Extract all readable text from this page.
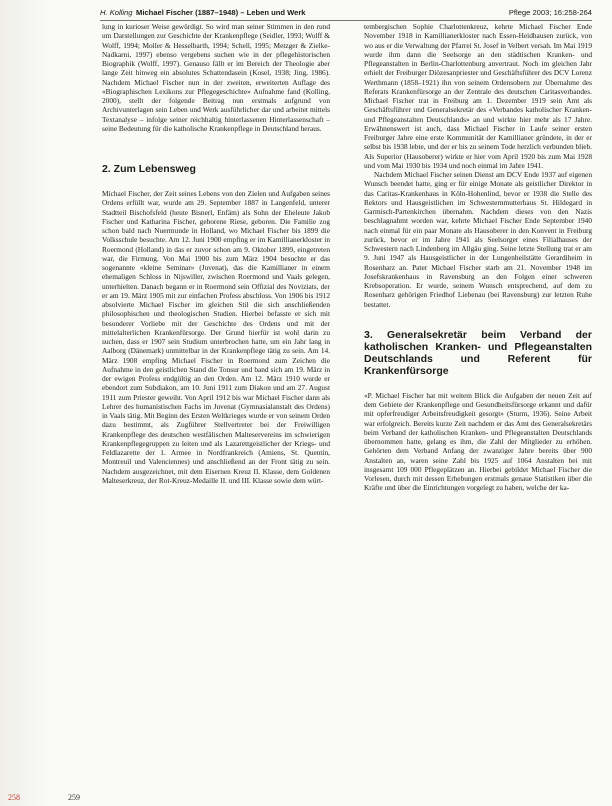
H. Kolling Michael Fischer (1887–1948) – Leben und Werk	Pflege 2003; 16:258-264

lung in kurioser Weise gewürdigt. So wird man seiner Stimmen in den rund um Darstellungen zur Geschichte der Krankenpflege (Seidler, 1993; Wolff & Wolff, 1994; Moller & Hesselbarth, 1994; Schell, 1995; Metzger & Zielke-Nadkarni, 1997) ebenso vergebens suchen wie in der pflegehistorischen Biographik (Wolff, 1997). Genauso fällt er im Bereich der Theologie aber lange Zeit hinweg ein absolutes Schattendasein (Kosel, 1938; Jing, 1986). Nachdem Michael Fischer nun in der zweiten, erweiterten Auflage des «Biographischen Lexikons zur Pflegegeschichte» Aufnahme fand (Kolling, 2000), stellt der folgende Beitrag nun erstmals aufgrund von Archivunterlagen sein Leben und Werk ausführlicher dar und arbeitet mittels Textanalyse – infolge seiner reichhaltig hinterlassenen Hinterlassenschaft – seine Bedeutung für die katholische Krankenpflege in Deutschland heraus.

2. Zum Lebensweg

Michael Fischer, der Zeit seines Lebens von den Zielen und Aufgaben seines Ordens erfüllt war, wurde am 29. September 1887 in Langenfeld, unterer Stadtteil Bischofsfeld (heute Bisnerl, Enfäm) als Sohn der Eheleute Jakob Fischer und Katharina Fischer, geborene Riese, geboren. Die Familie zog schon bald nach Nuermunde in Holland, wo Michael Fischer bis 1899 die Volksschule besuchte. Am 12. Juni 1900 empfing er im Kamillianerkloster in Roermond (Holland) in das er zuvor schon am 9. Oktober 1899, eingetreten war, die Firmung. Von Mai 1900 bis zum März 1904 besuchte er das sogenannte «kleine Seminar» (Juvenat), das die Kamillianer in einem ehemaligen Schloss in Nijswiller, zwischen Roermond und Vaals gelegen, unterhielten. Danach begann er in Roermond sein Offizial des Noviziats, der er am 19. März 1905 mit zur einfachen Profess abschloss. Von 1906 bis 1912 absolvierte Michael Fischer im gleichen Stil die sich anschließenden philosophischen und theologischen Studien. Hierbei befasste er sich mit besonderer Vorliebe mit der Geschichte des Ordens und mit der mittelalterlichen Krankenfürsorge. Der Grund hierfür ist wohl darin zu suchen, dass er 1907 sein Studium unterbrochen hatte, um ein Jahr lang in Aalborg (Dänemark) unmittelbar in der Krankenpflege tätig zu sein. Am 14. März 1908 empfing Michael Fischer in Roermond zum Zeichen die Aufnahme in den geistlichen Stand die Tonsur und band sich am 19. März in der ewigen Profess endgültig an den Orden. Am 12. März 1910 wurde er ebendort zum Subdiakon, am 10. Juni 1911 zum Diakon und am 27. August 1911 zum Priester geweiht. Von April 1912 bis war Michael Fischer dann als Lehrer des humanistischen Fachs im Juvenat (Gymnasialanstalt des Ordens) in Vaals tätig. Mit Beginn des Ersten Weltkrieges wurde er von seinem Orden dazu bestimmt, als Zugführer Stellvertreter bei der Freiwilligen Krankenpflege des deutschen westfälischen Malteservereins im schwierigen Krankenpflegegruppen zu leiten und als Lazarettgeistlicher der Kriegs- und Feldlazarette der 1. Armee in Nordfrankreich (Amiens, St. Quentin, Montreuil und Valenciennes) und anschließend an der Front tätig zu sein. Nachdem ausgezeichnet, mit dem Eisernen Kreuz II. Klasse, dem Goldenen Malteserkreuz, der Rot-Kreuz-Medaille II. und III. Klasse sowie dem würt-

tembergischen Sophie Charlottenkreuz, kehrte Michael Fischer Ende November 1918 in Kamillianerkloster nach Essen-Heidhausen zurück, von wo aus er die Verwaltung der Pfarrei St. Josef in Velbert versah. Im Mai 1919 wurde ihm dann die Seelsorge an den städtischen Kranken- und Pflegeanstalten in Berlin-Charlottenburg anvertraut. Noch im gleichen Jahr erhielt der Freiburger Diözesanpriester und Geschäftsführer des DCV Lorenz Werthmann (1858–1921) ihn von seinem Ordensobern zur Übernahme des Referats Krankenfürsorge an der Zentrale des deutschen Caritasverbandes. Michael Fischer trat in Freiburg am 1. Dezember 1919 sein Amt als Geschäftsführer und Generalsekretär des «Verbandes katholischer Kranken- und Pflegeanstalten Deutschlands» an und wirkte hier mehr als 17 Jahre. Erwähnenswert ist auch, dass Michael Fischer in Laufe seiner ersten Freiburger Jahre eine erste Kommunität der Kamillianer gründete, in der er selbst bis 1938 lebte, und der er bis zu seinem Tode herzlich verbunden blieb. Als Superior (Hausoberer) wirkte er hier vom April 1920 bis zum Mai 1928 und vom Mai 1930 bis 1934 und noch einmal im Jahre 1941.

Nachdem Michael Fischer seinen Dienst am DCV Ende 1937 auf eigenen Wunsch beendet hatte, ging er für einige Monate als geistlicher Direktor in das Caritas-Krankenhaus in Köln-Hohenlind, bevor er 1938 die Stelle des Rektors und Hausgeistlichen im Schwesternmutterhaus St. Hildegard in Garmisch-Partenkirchen übernahm. Nachdem dieses von den Nazis beschlagnahmt worden war, kehrte Michael Fischer Ende September 1940 nach einmal für ein paar Monate als Hausoberer in den Konvent in Freiburg zurück, bevor er im Jahre 1941 als Seelsorger eines Filialhauses der Schwestern nach Lindenberg im Allgäu ging. Seine letzte Stellung trat er am 9. Juni 1947 als Hausgeistlicher in der Lungenheilstätte Gerardiheim in Rosenharz an. Pater Michael Fischer starb am 21. November 1948 im Josefskrankenhaus in Ravensburg an den Folgen einer schweren Krebsoperation. Er wurde, seinem Wunsch entsprechend, auf dem zu Rosenharz gehörigen Friedhof Liebenau (bei Ravensburg) zur letzten Ruhe bestattet.

3. Generalsekretär beim Verband der katholischen Kranken- und Pflegeanstalten Deutschlands und Referent für Krankenfürsorge

«P. Michael Fischer hat mit weitem Blick die Aufgaben der neuen Zeit auf dem Gebiete der Krankenpflege und Gesundheitsfürsorge erkannt und dafür mit opferfreudiger Arbeitsfreudigkeit gesorgt» (Sturm, 1936). Seine Arbeit war erfolgreich. Bereits kurze Zeit nachdem er das Amt des Generalsekretärs beim Verband der katholischen Kranken- und Pflegeanstalten Deutschlands übernommen hatte, gelang es ihm, die Zahl der Mitglieder zu erhöhen. Gehörten dem Verband Anfang der zwanziger Jahre bereits über 900 Anstalten an, waren seine Zahl bis 1925 auf 1064 Anstalten bei mit insgesamt 109 000 Pflegeplätzen an. Hierbei gebildet Michael Fischer die Vorlesen, durch mit dessen Erhebungen erstmals genaue Statistiken über die Kräfte und über die Einrichtungen vorgelegt zu haben, welche der ka-

258	259
